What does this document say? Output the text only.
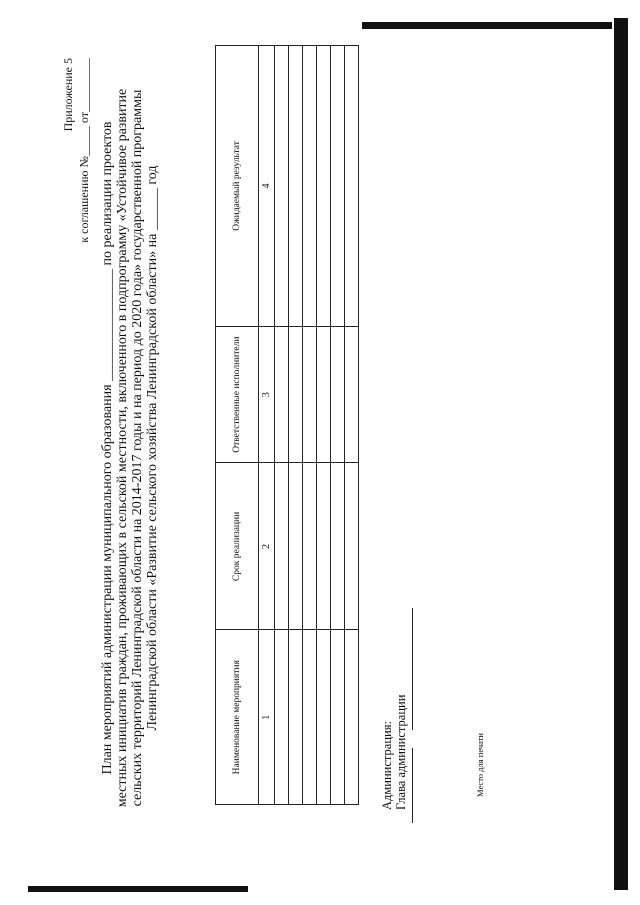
Приложение 5 к соглашению №_____ от_________ План мероприятий администрации муниципального образования ________________ по реализации проектов местных инициатив граждан, проживающих в сельской местности, включенного в подпрограмму «Устойчивое развитие сельских территорий Ленинградской области на 2014-2017 годы и на период до 2020 года» государственной программы Ленинградской области «Развитие сельского хозяйства Ленинградской области» на ______ год	Наименование мероприятия	Срок реализации	Ответственные исполнители	Ожидаемый результат
1	2	3	4

Администрация: Глава администрации	Место для печати
